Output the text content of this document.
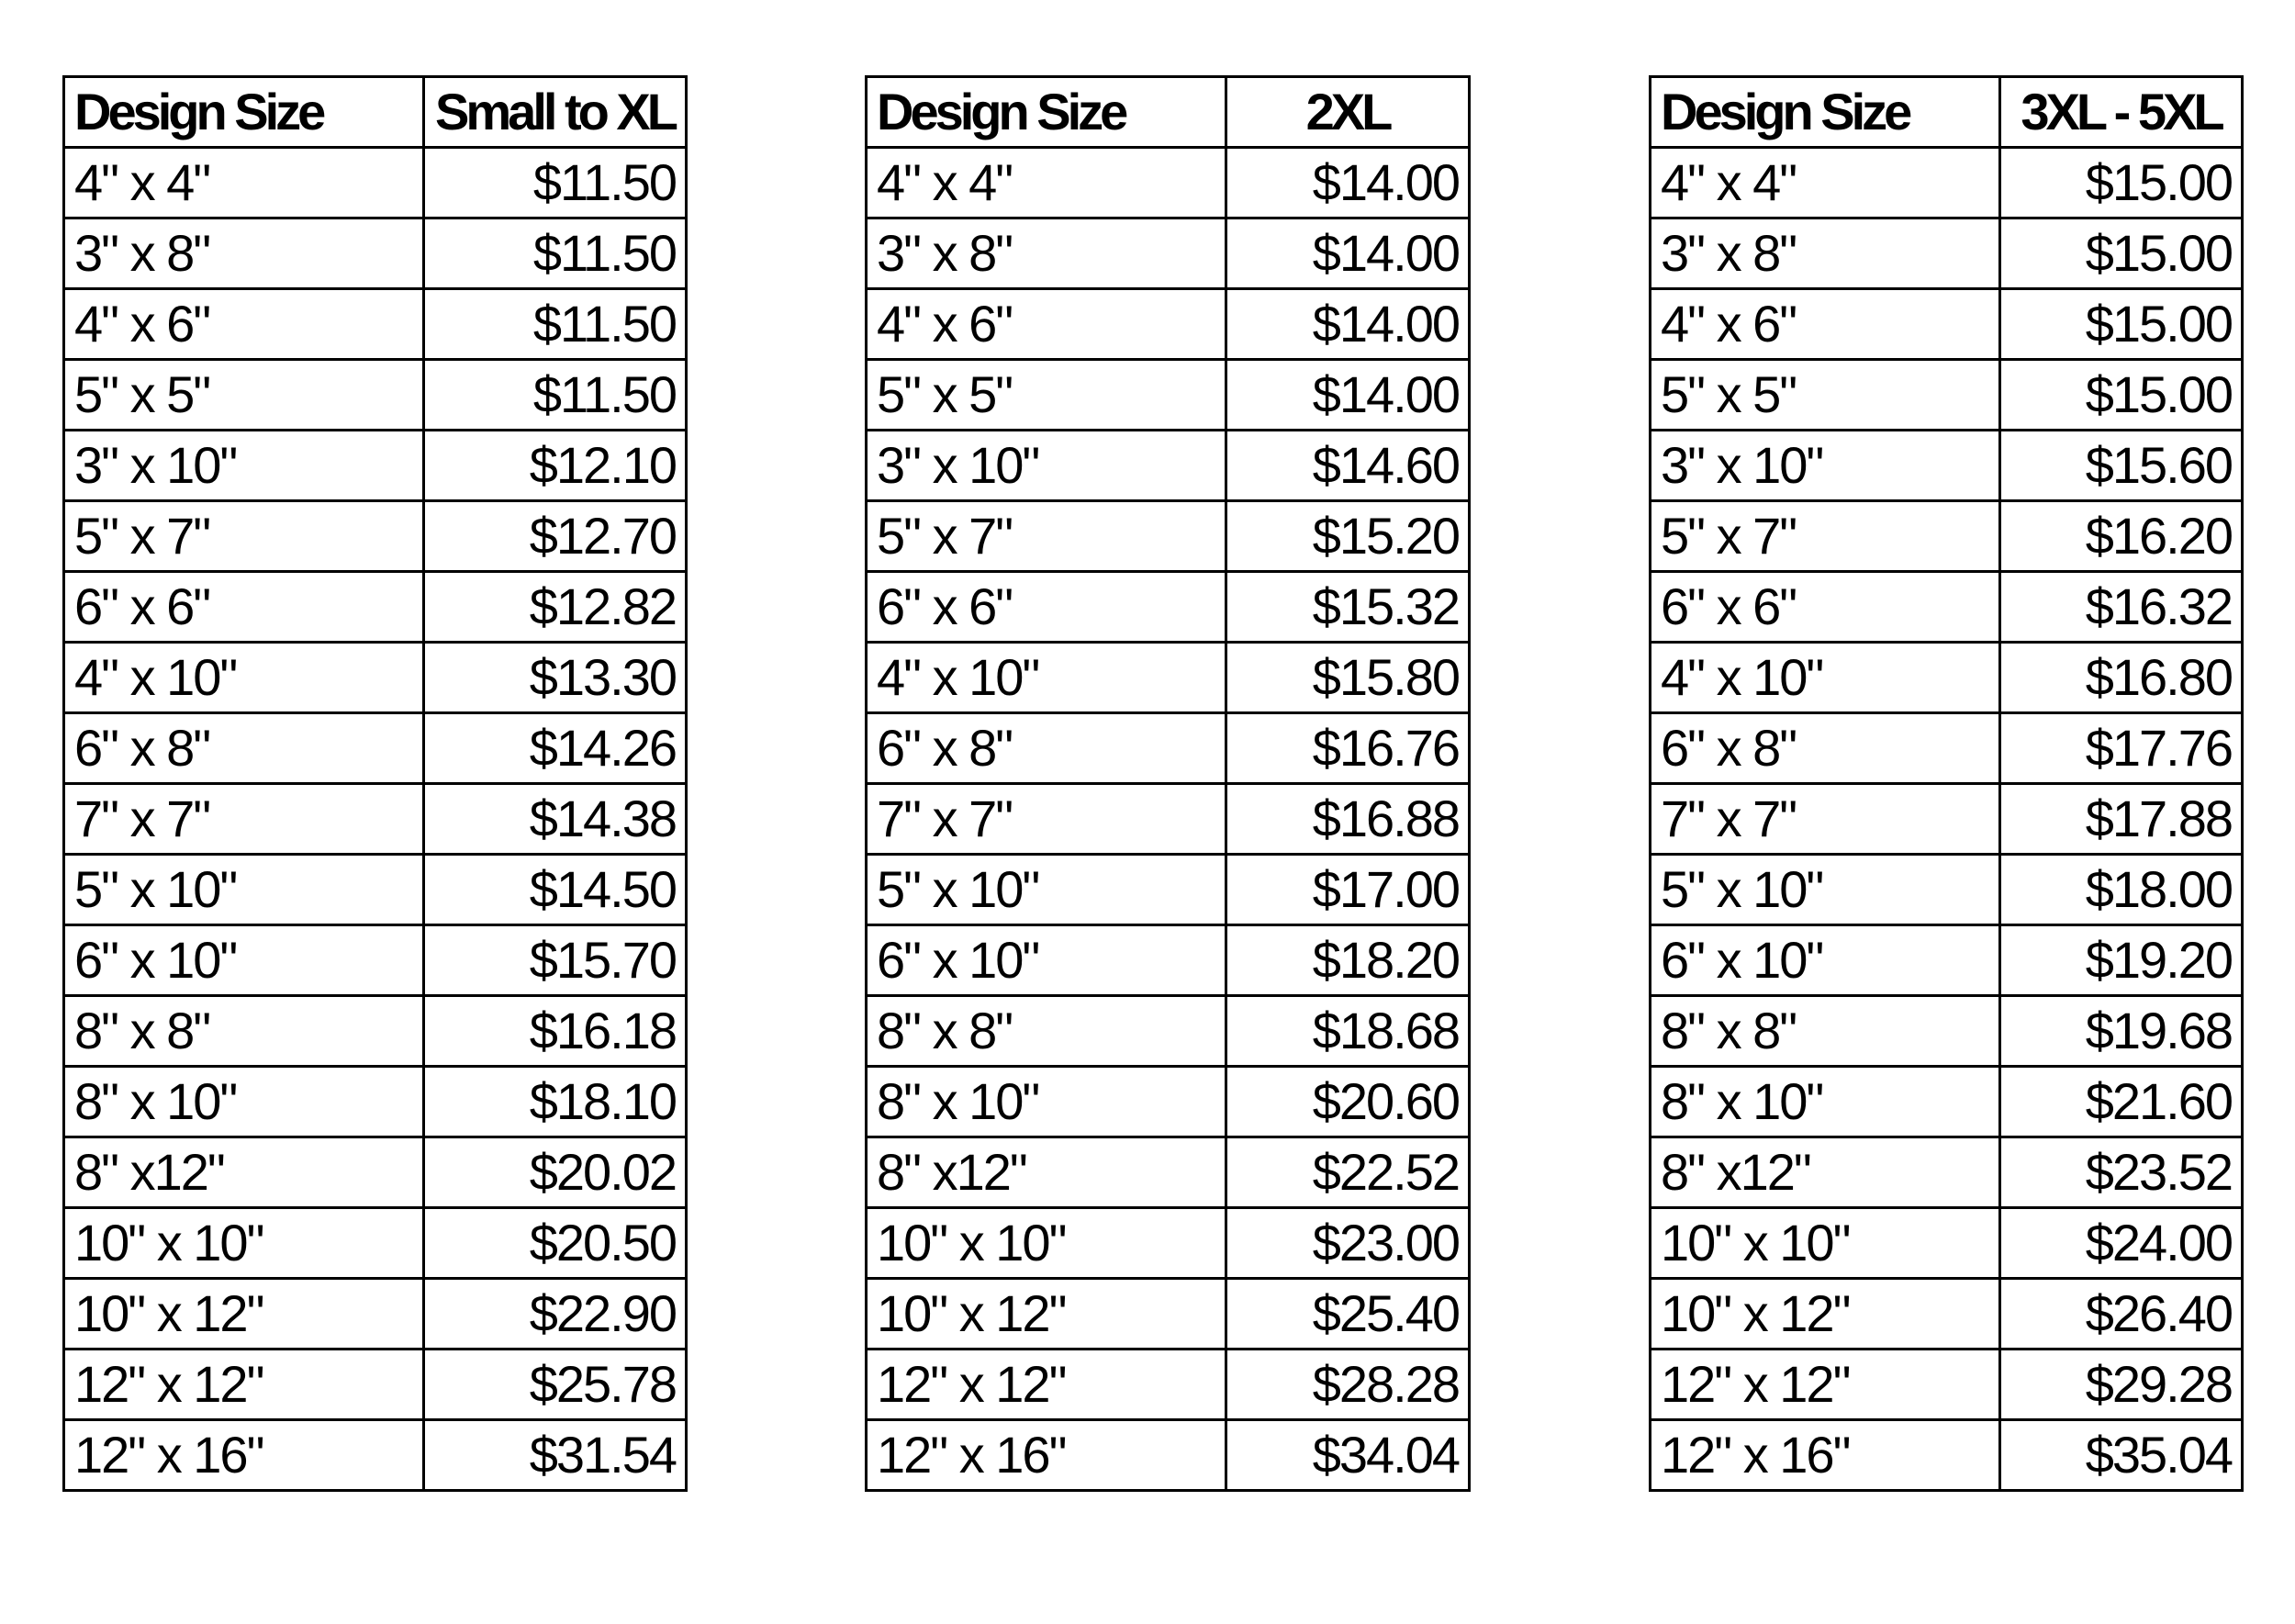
Design Size	Small to XL
4" x 4"	$11.50
3" x 8"	$11.50
4" x 6"	$11.50
5" x 5"	$11.50
3" x 10"	$12.10
5" x 7"	$12.70
6" x 6"	$12.82
4" x 10"	$13.30
6" x 8"	$14.26
7" x 7"	$14.38
5" x 10"	$14.50
6" x 10"	$15.70
8" x 8"	$16.18
8" x 10"	$18.10
8" x12"	$20.02
10" x 10"	$20.50
10" x 12"	$22.90
12" x 12"	$25.78
12" x 16"	$31.54
Design Size	2XL
4" x 4"	$14.00
3" x 8"	$14.00
4" x 6"	$14.00
5" x 5"	$14.00
3" x 10"	$14.60
5" x 7"	$15.20
6" x 6"	$15.32
4" x 10"	$15.80
6" x 8"	$16.76
7" x 7"	$16.88
5" x 10"	$17.00
6" x 10"	$18.20
8" x 8"	$18.68
8" x 10"	$20.60
8" x12"	$22.52
10" x 10"	$23.00
10" x 12"	$25.40
12" x 12"	$28.28
12" x 16"	$34.04
Design Size	3XL - 5XL
4" x 4"	$15.00
3" x 8"	$15.00
4" x 6"	$15.00
5" x 5"	$15.00
3" x 10"	$15.60
5" x 7"	$16.20
6" x 6"	$16.32
4" x 10"	$16.80
6" x 8"	$17.76
7" x 7"	$17.88
5" x 10"	$18.00
6" x 10"	$19.20
8" x 8"	$19.68
8" x 10"	$21.60
8" x12"	$23.52
10" x 10"	$24.00
10" x 12"	$26.40
12" x 12"	$29.28
12" x 16"	$35.04
